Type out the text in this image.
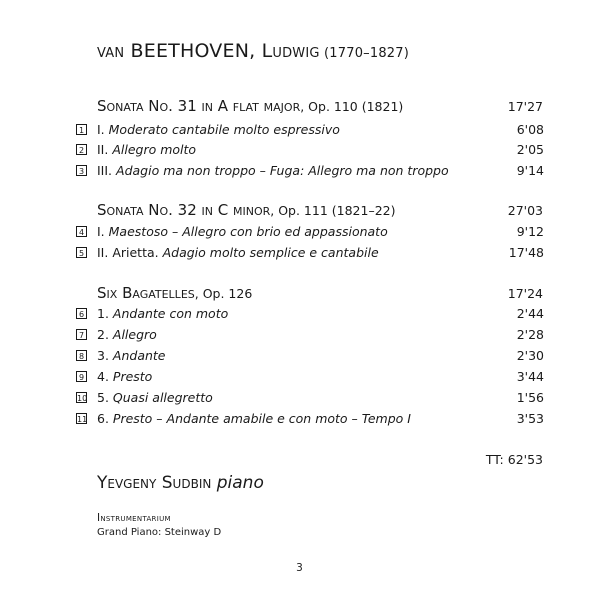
van BEETHOVEN, Ludwig (1770–1827)
Sonata No. 31 in A flat major, Op. 110 (1821)	17'27
1 I. Moderato cantabile molto espressivo	6'08
2 II. Allegro molto	2'05
3 III. Adagio ma non troppo – Fuga: Allegro ma non troppo	9'14
Sonata No. 32 in C minor, Op. 111 (1821–22)	27'03
4 I. Maestoso – Allegro con brio ed appassionato	9'12
5 II. Arietta. Adagio molto semplice e cantabile	17'48
Six Bagatelles, Op. 126	17'24
6 1. Andante con moto	2'44
7 2. Allegro	2'28
8 3. Andante	2'30
9 4. Presto	3'44
10 5. Quasi allegretto	1'56
11 6. Presto – Andante amabile e con moto – Tempo I	3'53
TT: 62'53
Yevgeny Sudbin piano
Instrumentarium
Grand Piano: Steinway D
3
